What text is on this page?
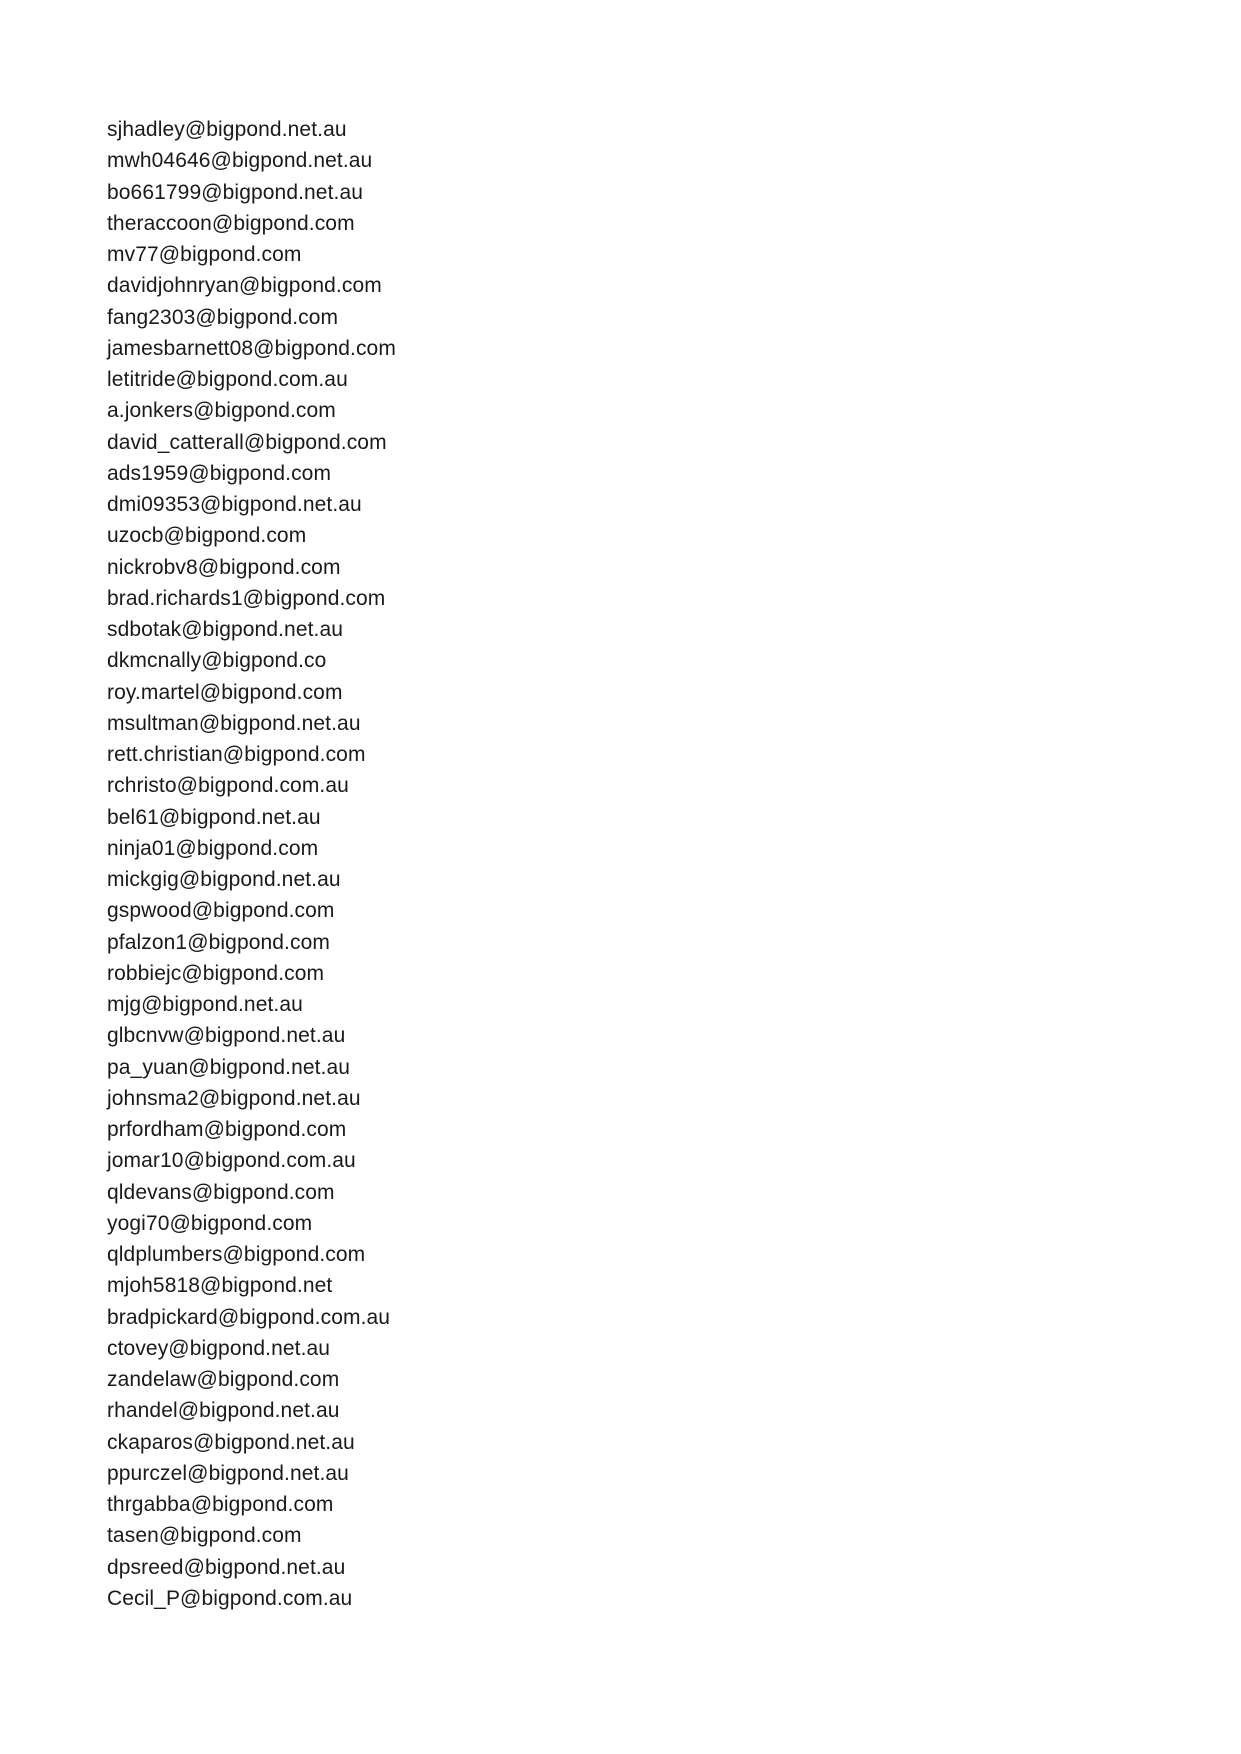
sjhadley@bigpond.net.au
mwh04646@bigpond.net.au
bo661799@bigpond.net.au
theraccoon@bigpond.com
mv77@bigpond.com
davidjohnryan@bigpond.com
fang2303@bigpond.com
jamesbarnett08@bigpond.com
letitride@bigpond.com.au
a.jonkers@bigpond.com
david_catterall@bigpond.com
ads1959@bigpond.com
dmi09353@bigpond.net.au
uzocb@bigpond.com
nickrobv8@bigpond.com
brad.richards1@bigpond.com
sdbotak@bigpond.net.au
dkmcnally@bigpond.co
roy.martel@bigpond.com
msultman@bigpond.net.au
rett.christian@bigpond.com
rchristo@bigpond.com.au
bel61@bigpond.net.au
ninja01@bigpond.com
mickgig@bigpond.net.au
gspwood@bigpond.com
pfalzon1@bigpond.com
robbiejc@bigpond.com
mjg@bigpond.net.au
glbcnvw@bigpond.net.au
pa_yuan@bigpond.net.au
johnsma2@bigpond.net.au
prfordham@bigpond.com
jomar10@bigpond.com.au
qldevans@bigpond.com
yogi70@bigpond.com
qldplumbers@bigpond.com
mjoh5818@bigpond.net
bradpickard@bigpond.com.au
ctovey@bigpond.net.au
zandelaw@bigpond.com
rhandel@bigpond.net.au
ckaparos@bigpond.net.au
ppurczel@bigpond.net.au
thrgabba@bigpond.com
tasen@bigpond.com
dpsreed@bigpond.net.au
Cecil_P@bigpond.com.au
